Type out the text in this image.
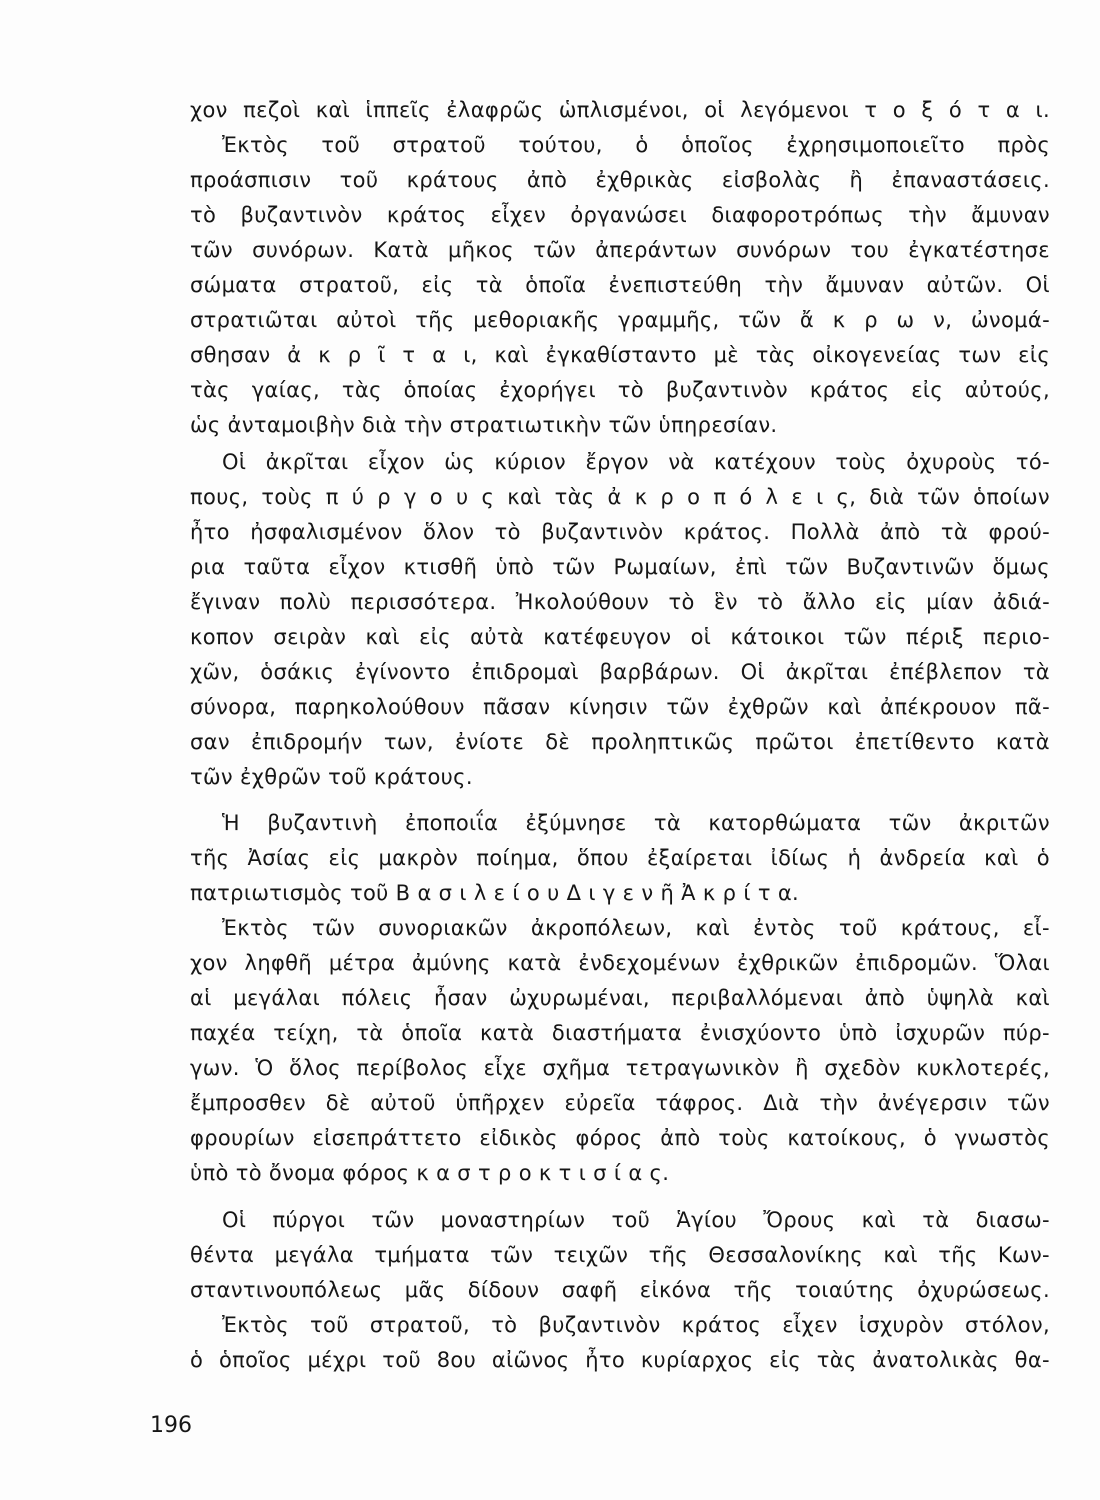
χον πεζοὶ καὶ ἱππεῖς ἐλαφρῶς ὡπλισμένοι, οἱ λεγόμενοι τ ο ξ ό τ α ι.
Ἐκτὸς τοῦ στρατοῦ τούτου, ὁ ὁποῖος ἐχρησιμοποιεῖτο πρὸς
προάσπισιν τοῦ κράτους ἀπὸ ἐχθρικὰς εἰσβολὰς ἢ ἐπαναστάσεις.
τὸ βυζαντινὸν κράτος εἶχεν ὀργανώσει διαφοροτρόπως τὴν ἄμυναν
τῶν συνόρων. Κατὰ μῆκος τῶν ἀπεράντων συνόρων του ἐγκατέστησε
σώματα στρατοῦ, εἰς τὰ ὁποῖα ἐνεπιστεύθη τὴν ἄμυναν αὐτῶν. Οἱ
στρατιῶται αὐτοὶ τῆς μεθοριακῆς γραμμῆς, τῶν ἄ κ ρ ω ν, ὠνομά-
σθησαν ἀ κ ρ ῖ τ α ι, καὶ ἐγκαθίσταντο μὲ τὰς οἰκογενείας των εἰς
τὰς γαίας, τὰς ὁποίας ἐχορήγει τὸ βυζαντινὸν κράτος εἰς αὐτούς,
ὡς ἀνταμοιβὴν διὰ τὴν στρατιωτικὴν τῶν ὑπηρεσίαν.
Οἱ ἀκρῖται εἶχον ὡς κύριον ἔργον νὰ κατέχουν τοὺς ὀχυροὺς τό-
πους, τοὺς π ύ ρ γ ο υ ς καὶ τὰς ἀ κ ρ ο π ό λ ε ι ς, διὰ τῶν ὁποίων
ἦτο ἠσφαλισμένον ὅλον τὸ βυζαντινὸν κράτος. Πολλὰ ἀπὸ τὰ φρού-
ρια ταῦτα εἶχον κτισθῆ ὑπὸ τῶν Ρωμαίων, ἐπὶ τῶν Βυζαντινῶν ὅμως
ἔγιναν πολὺ περισσότερα. Ἠκολούθουν τὸ ἓν τὸ ἄλλο εἰς μίαν ἀδιά-
κοπον σειρὰν καὶ εἰς αὐτὰ κατέφευγον οἱ κάτοικοι τῶν πέριξ περιο-
χῶν, ὁσάκις ἐγίνοντο ἐπιδρομαὶ βαρβάρων. Οἱ ἀκρῖται ἐπέβλεπον τὰ
σύνορα, παρηκολούθουν πᾶσαν κίνησιν τῶν ἐχθρῶν καὶ ἀπέκρουον πᾶ-
σαν ἐπιδρομήν των, ἐνίοτε δὲ προληπτικῶς πρῶτοι ἐπετίθεντο κατὰ
τῶν ἐχθρῶν τοῦ κράτους.
Ἡ βυζαντινὴ ἐποποιΐα ἐξύμνησε τὰ κατορθώματα τῶν ἀκριτῶν
τῆς Ἀσίας εἰς μακρὸν ποίημα, ὅπου ἐξαίρεται ἰδίως ἡ ἀνδρεία καὶ ὁ
πατριωτισμὸς τοῦ Β α σ ι λ ε ί ο υ Δ ι γ ε ν ῆ Ἀ κ ρ ί τ α.
Ἐκτὸς τῶν συνοριακῶν ἀκροπόλεων, καὶ ἐντὸς τοῦ κράτους, εἶ-
χον ληφθῆ μέτρα ἀμύνης κατὰ ἐνδεχομένων ἐχθρικῶν ἐπιδρομῶν. Ὅλαι
αἱ μεγάλαι πόλεις ἦσαν ὠχυρωμέναι, περιβαλλόμεναι ἀπὸ ὑψηλὰ καὶ
παχέα τείχη, τὰ ὁποῖα κατὰ διαστήματα ἐνισχύοντο ὑπὸ ἰσχυρῶν πύρ-
γων. Ὁ ὅλος περίβολος εἶχε σχῆμα τετραγωνικὸν ἢ σχεδὸν κυκλοτερές,
ἔμπροσθεν δὲ αὐτοῦ ὑπῆρχεν εὐρεῖα τάφρος. Διὰ τὴν ἀνέγερσιν τῶν
φρουρίων εἰσεπράττετο εἰδικὸς φόρος ἀπὸ τοὺς κατοίκους, ὁ γνωστὸς
ὑπὸ τὸ ὄνομα φόρος κ α σ τ ρ ο κ τ ι σ ί α ς.
Οἱ πύργοι τῶν μοναστηρίων τοῦ Ἁγίου Ὄρους καὶ τὰ διασω-
θέντα μεγάλα τμήματα τῶν τειχῶν τῆς Θεσσαλονίκης καὶ τῆς Κων-
σταντινουπόλεως μᾶς δίδουν σαφῆ εἰκόνα τῆς τοιαύτης ὀχυρώσεως.
Ἐκτὸς τοῦ στρατοῦ, τὸ βυζαντινὸν κράτος εἶχεν ἰσχυρὸν στόλον,
ὁ ὁποῖος μέχρι τοῦ 8ου αἰῶνος ἦτο κυρίαρχος εἰς τὰς ἀνατολικὰς θα-
196
